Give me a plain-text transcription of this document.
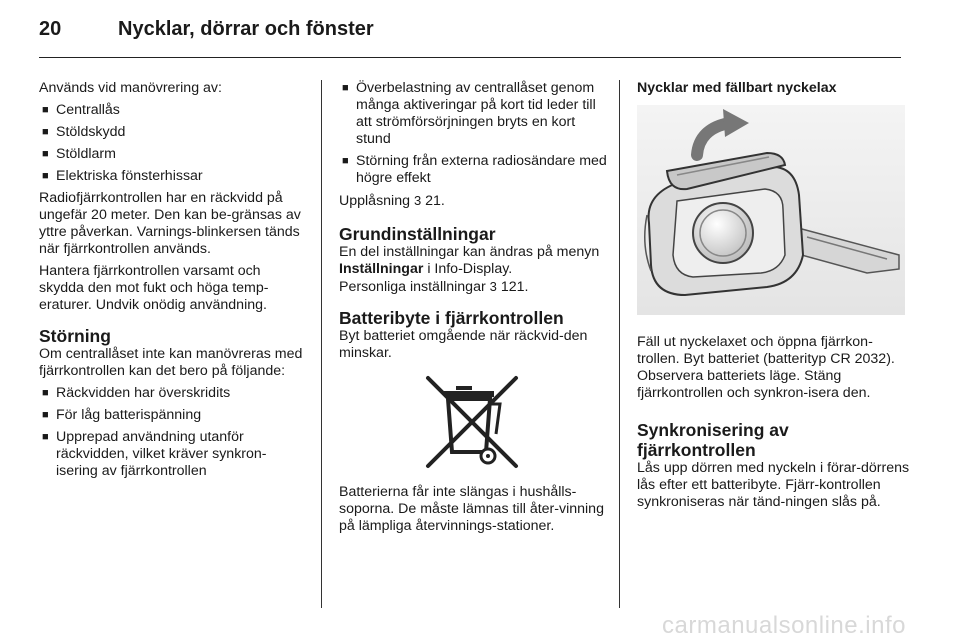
20	Nycklar, dörrar och fönster

Används vid manövrering av:

■ Centrallås
■ Stöldskydd
■ Stöldlarm
■ Elektriska fönsterhissar

Radiofjärrkontrollen har en räckvidd på ungefär 20 meter. Den kan be-gränsas av yttre påverkan. Varnings-blinkersen tänds när fjärrkontrollen används.

Hantera fjärrkontrollen varsamt och skydda den mot fukt och höga temp-eraturer. Undvik onödig användning.

Störning

Om centrallåset inte kan manövreras med fjärrkontrollen kan det bero på följande:

■ Räckvidden har överskridits
■ För låg batterispänning
■ Upprepad användning utanför räckvidden, vilket kräver synkron-isering av fjärrkontrollen
■ Överbelastning av centrallåset genom många aktiveringar på kort tid leder till att strömförsörjningen bryts en kort stund
■ Störning från externa radiosändare med högre effekt

Upplåsning 3 21.

Grundinställningar

En del inställningar kan ändras på menyn Inställningar i Info-Display.

Personliga inställningar 3 121.

Batteribyte i fjärrkontrollen

Byt batteriet omgående när räckvid-den minskar.

Batterierna får inte slängas i hushålls-soporna. De måste lämnas till åter-vinning på lämpliga återvinnings-stationer.

Nycklar med fällbart nyckelax

Fäll ut nyckelaxet och öppna fjärrkon-trollen. Byt batteriet (batterityp CR 2032). Observera batteriets läge. Stäng fjärrkontrollen och synkron-isera den.

Synkronisering av fjärrkontrollen

Lås upp dörren med nyckeln i förar-dörrens lås efter ett batteribyte. Fjärr-kontrollen synkroniseras när tänd-ningen slås på.

carmanualsonline.info
